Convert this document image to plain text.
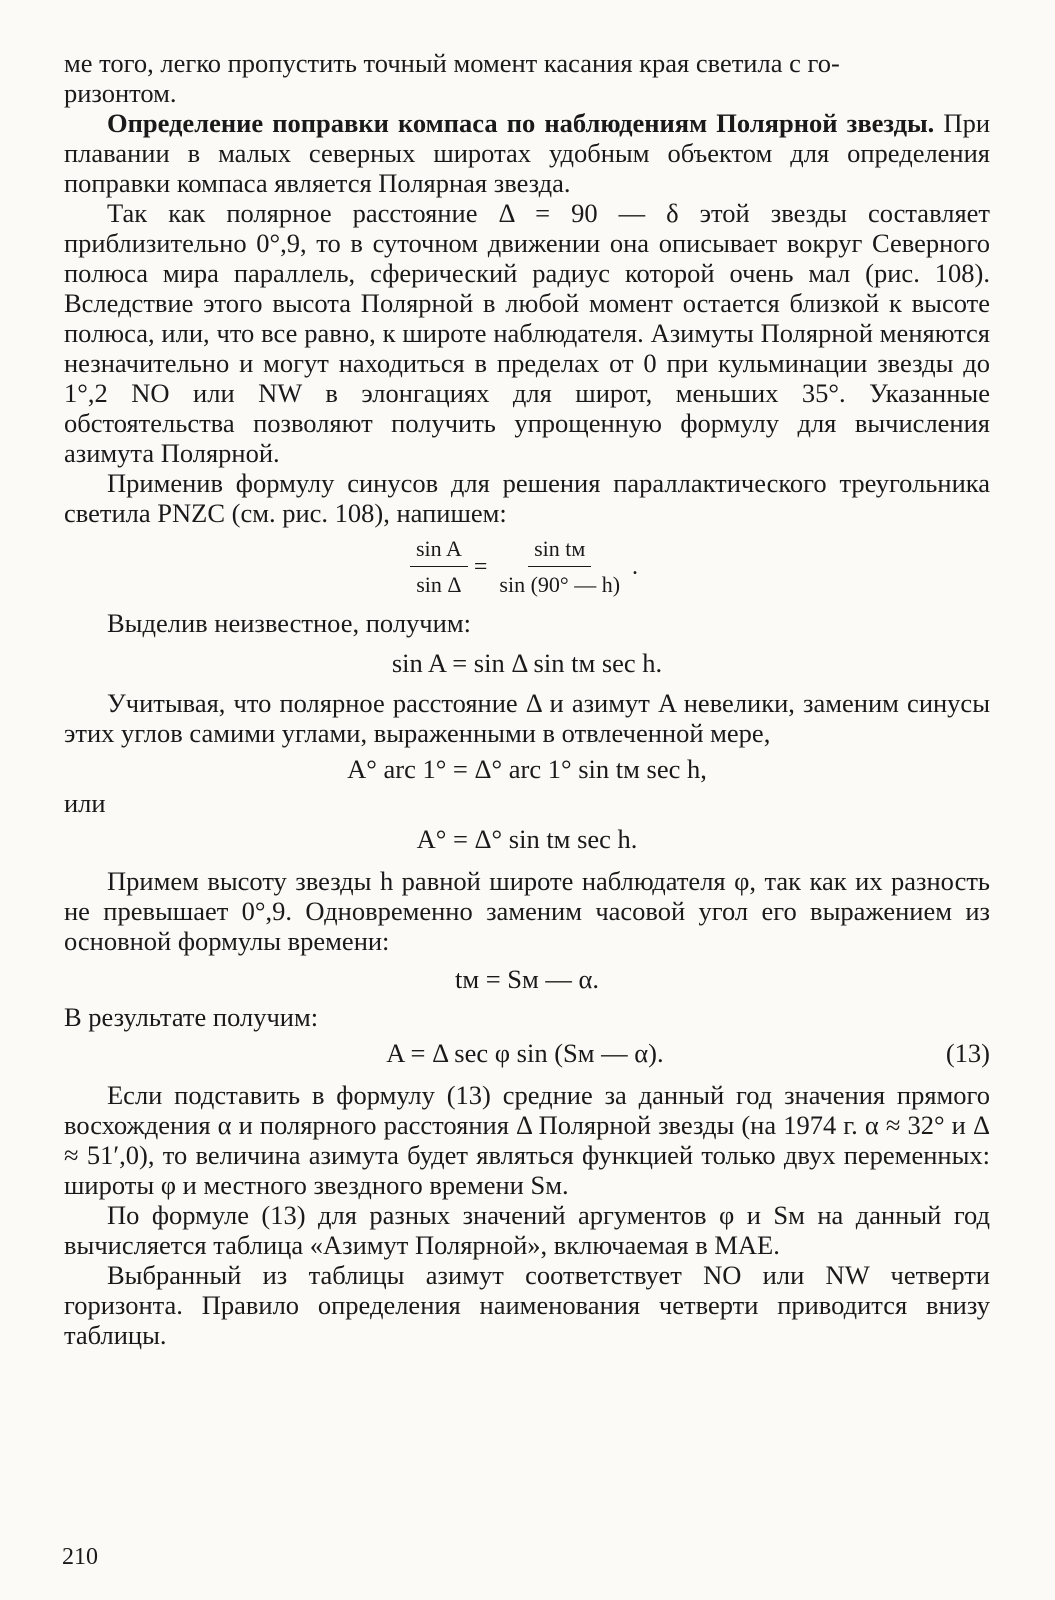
ме того, легко пропустить точный момент касания края светила с го-

ризонтом.

Определение поправки компаса по наблюдениям Полярной звезды. При плавании в малых северных широтах удобным объектом для определения поправки компаса является Полярная звезда.

Так как полярное расстояние Δ = 90 — δ этой звезды составляет приблизительно 0°,9, то в суточном движении она описывает вокруг Северного полюса мира параллель, сферический радиус которой очень мал (рис. 108). Вследствие этого высота Полярной в любой момент остается близкой к высоте полюса, или, что все равно, к широте наблюдателя. Азимуты Полярной меняются незначительно и могут находиться в пределах от 0 при кульминации звезды до 1°,2 NO или NW в элонгациях для широт, меньших 35°. Указанные обстоятельства позволяют получить упрощенную формулу для вычисления азимута Полярной.

Применив формулу синусов для решения параллактического треугольника светила PNZC (см. рис. 108), напишем:

$\frac{\text{sin A}}{\text{sin Δ}} = \frac{\text{sin tм}}{\sin (90^\circ — h)}$ .

Выделив неизвестное, получим:

sin A = sin Δ sin tм sec h.

Учитывая, что полярное расстояние Δ и азимут A невелики, заменим синусы этих углов самими углами, выраженными в отвлеченной мере,

A° arc 1° = Δ° arc 1° sin tм sec h,

или

A° = Δ° sin tм sec h.

Примем высоту звезды h равной широте наблюдателя φ, так как их разность не превышает 0°,9. Одновременно заменим часовой угол его выражением из основной формулы времени:

tм = Sм — α.

В результате получим:

A = Δ sec φ sin (Sм — α).	(13)

Если подставить в формулу (13) средние за данный год значения прямого восхождения α и полярного расстояния Δ Полярной звезды (на 1974 г. α ≈ 32° и Δ ≈ 51′,0), то величина азимута будет являться функцией только двух переменных: широты φ и местного звездного времени Sм.

По формуле (13) для разных значений аргументов φ и Sм на данный год вычисляется таблица «Азимут Полярной», включаемая в МАЕ.

Выбранный из таблицы азимут соответствует NO или NW четверти горизонта. Правило определения наименования четверти приводится внизу таблицы.

210
